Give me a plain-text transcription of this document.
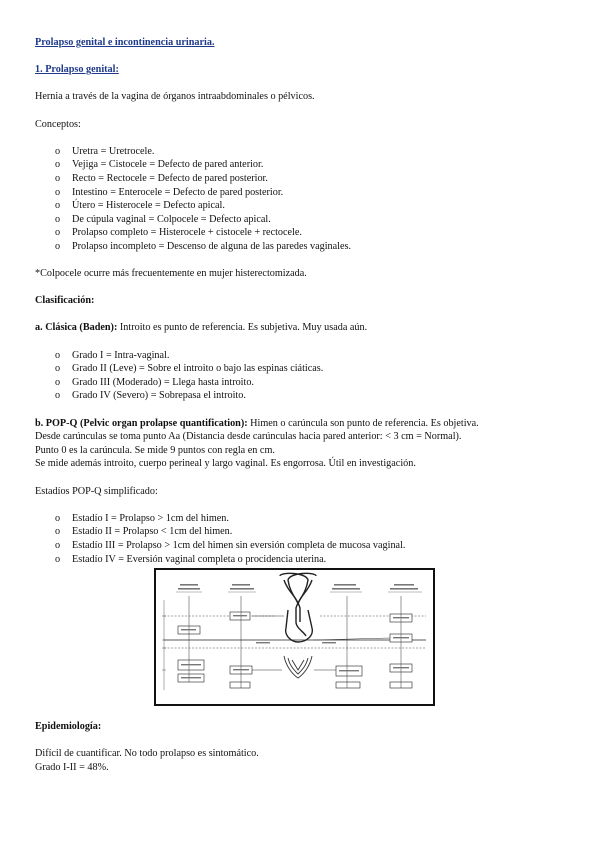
Prolapso genital e incontinencia urinaria.

1. Prolapso genital:

Hernia a través de la vagina de órganos intraabdominales o pélvicos.

Conceptos:

o Uretra = Uretrocele.
o Vejiga = Cistocele = Defecto de pared anterior.
o Recto = Rectocele = Defecto de pared posterior.
o Intestino = Enterocele = Defecto de pared posterior.
o Útero = Histerocele = Defecto apical.
o De cúpula vaginal = Colpocele = Defecto apical.
o Prolapso completo = Histerocele + cistocele + rectocele.
o Prolapso incompleto = Descenso de alguna de las paredes vaginales.

*Colpocele ocurre más frecuentemente en mujer histerectomizada.

Clasificación:

a. Clásica (Baden): Introito es punto de referencia. Es subjetiva. Muy usada aún.

o Grado I = Intra-vaginal.
o Grado II (Leve) = Sobre el introito o bajo las espinas ciáticas.
o Grado III (Moderado) = Llega hasta introito.
o Grado IV (Severo) = Sobrepasa el introito.

b. POP-Q (Pelvic organ prolapse quantification): Himen o carúncula son punto de referencia. Es objetiva.

Desde carúnculas se toma punto Aa (Distancia desde carúnculas hacia pared anterior: < 3 cm = Normal).

Punto 0 es la carúncula. Se mide 9 puntos con regla en cm.

Se mide además introito, cuerpo perineal y largo vaginal. Es engorrosa. Útil en investigación.

Estadíos POP-Q simplificado:

o Estadío I = Prolapso > 1cm del himen.
o Estadío II = Prolapso < 1cm del himen.
o Estadío III = Prolapso > 1cm del himen sin eversión completa de mucosa vaginal.
o Estadío IV = Eversión vaginal completa o procidencia uterina.

Epidemiología:

Difícil de cuantificar. No todo prolapso es sintomático.

Grado I-II = 48%.
